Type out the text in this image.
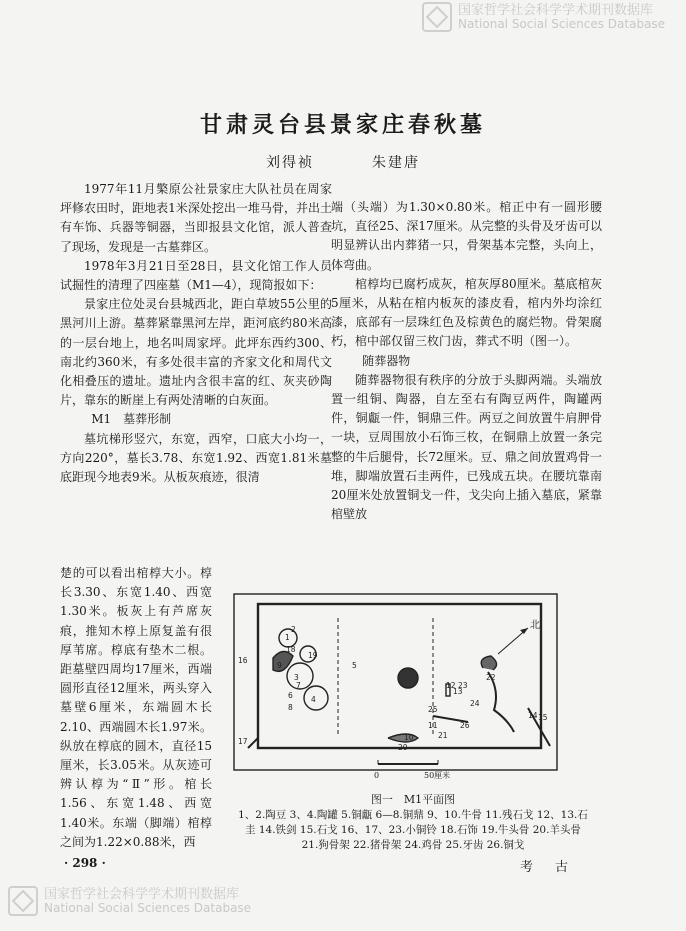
国家哲学社会科学学术期刊数据库
National Social Sciences Database
甘肃灵台县景家庄春秋墓
刘得祯	朱建唐

1977年11月檠原公社景家庄大队社员在周家坪修农田时，距地表1米深处挖出一堆马骨，并出土有车饰、兵器等铜器，当即报县文化馆，派人普查了现场，发现是一古墓葬区。

1978年3月21日至28日，县文化馆工作人员试掘性的清理了四座墓（M1—4），现简报如下：

景家庄位处灵台县城西北，距白草坡55公里的黑河川上游。墓葬紧靠黑河左岸，距河底约80米高的一层台地上，地名叫周家坪。此坪东西约300、南北约360米，有多处很丰富的齐家文化和周代文化相叠压的遗址。遗址内含很丰富的红、灰夹砂陶片，靠东的断崖上有两处清晰的白灰面。

M1　墓葬形制

墓坑梯形竖穴，东宽，西窄，口底大小均一，方向220°，墓长3.78、东宽1.92、西宽1.81米墓底距现今地表9米。从板灰痕迹，很清

楚的可以看出棺椁大小。椁长3.30、东宽1.40、西宽1.30米。板灰上有芦席灰痕，推知木椁上原复盖有很厚苇席。椁底有垫木二根。距墓壁四周均17厘米，西端圆形直径12厘米，两头穿入墓壁6厘米，东端圆木长2.10、西端圆木长1.97米。纵放在椁底的圆木，直径15厘米，长3.05米。从灰迹可辨认椁为“Ⅱ”形。棺长1.56、东宽1.48、西宽1.40米。东端（脚端）棺椁之间为1.22×0.88米，西

端（头端）为1.30×0.80米。棺正中有一圆形腰坑，直径25、深17厘米。从完整的头骨及牙齿可以明显辨认出内葬猪一只，骨架基本完整，头向上，体弯曲。

棺椁均已腐朽成灰，棺灰厚80厘米。墓底棺灰5厘米，从粘在棺内板灰的漆皮看，棺内外均涂红漆，底部有一层珠红色及棕黄色的腐烂物。骨架腐朽，棺中部仅留三枚门齿，葬式不明（图一）。

随葬器物

随葬器物很有秩序的分放于头脚两端。头端放置一组铜、陶器，自左至右有陶豆两件，陶罐两件，铜甗一件，铜鼎三件。两豆之间放置牛肩胛骨一块，豆周围放小石饰三枚，在铜鼎上放置一条完整的牛后腿骨，长72厘米。豆、鼎之间放置鸡骨一堆，脚端放置石圭两件，已残成五块。在腰坑靠南20厘米处放置铜戈一件，戈尖向上插入墓底，紧靠棺壁放

北
0	50厘米
1
2
3
4
5
6
7
8
9
10
11
12
13
14 15
16
17
18
19
20
21
22
23
24
25
26
图一　M1平面图
1、2.陶豆 3、4.陶罐 5.铜甗 6—8.铜鼎 9、10.牛骨 11.残石戈 12、13.石
圭 14.铁剑 15.石戈 16、17、23.小铜铃 18.石饰 19.牛头骨 20.羊头骨
21.狗骨架 22.猪骨架 24.鸡骨 25.牙齿 26.铜戈
· 298 ·	考古
国家哲学社会科学学术期刊数据库
National Social Sciences Database
